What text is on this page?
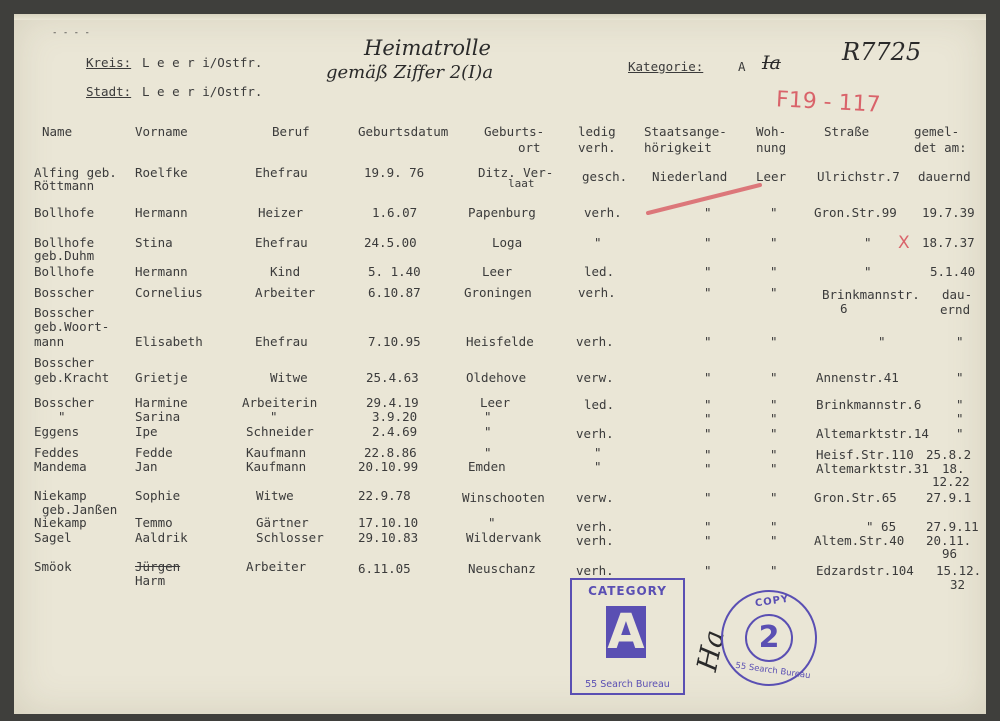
- - - -
Kreis: L e e r i/Ostfr.
Stadt: L e e r i/Ostfr.
Heimatrolle
gemäß Ziffer 2(I)a	Kategorie:	A Ia	R7725
F19 - 117
Name	Vorname	Beruf	Geburtsdatum	Geburts-
ort
ledig
verh.
Staatsange-
hörigkeit
Woh-
nung
Straße	gemel-
det am:
Alfing geb.
Röttmann
Roelfke	Ehefrau	19.9. 76	Ditz. Ver-
laat	gesch. Niederland Leer Ulrichstr.7 dauernd
Bollhofe	Hermann	Heizer	1.6.07	Papenburg	verh.	"	"	Gron.Str.99 19.7.39
Bollhofe
geb.Duhm
Stina	Ehefrau	24.5.00	Loga	"	"	"	" X 18.7.37
Bollhofe	Hermann	Kind	5. 1.40	Leer	led.	"	"	"	5.1.40
Bosscher	Cornelius	Arbeiter	6.10.87	Groningen	verh.	"	"	Brinkmannstr.
6
dau-
ernd
Bosscher
geb.Woort-
mann	Elisabeth	Ehefrau	7.10.95	Heisfelde	verh.	"	"	"	"
Bosscher
geb.Kracht Grietje	Witwe	25.4.63	Oldehove	verw.	"	"	Annenstr.41	"
Bosscher	Harmine	Arbeiterin	29.4.19	Leer	led.	"	"	Brinkmannstr.6	"
"	Sarina	"	3.9.20	"	"	"	"
Eggens	Ipe	Schneider	2.4.69	"	verh.	"	"	Altemarktstr.14 "
Feddes	Fedde	Kaufmann	22.8.86	"	"	"	"	Heisf.Str.110 25.8.2
Mandema	Jan	Kaufmann	20.10.99	Emden	"	"	"	Altemarktstr.31 18.
12.22
Niekamp
geb.Janßen
Sophie	Witwe	22.9.78	Winschooten verw.	"	"	Gron.Str.65 27.9.1
Niekamp	Temmo	Gärtner	17.10.10	"	verh.	"	"	" 65 27.9.11
Sagel	Aaldrik	Schlosser	29.10.83	Wildervank	verh.	"	"	Altem.Str.40 20.11.
96
Smöok	Jürgen
Harm
Arbeiter	6.11.05	Neuschanz	verh.	"	"	Edzardstr.104 15.12.
32
CATEGORY
A
55 Search Bureau
Ha
COPY
2
55 Search Bureau
